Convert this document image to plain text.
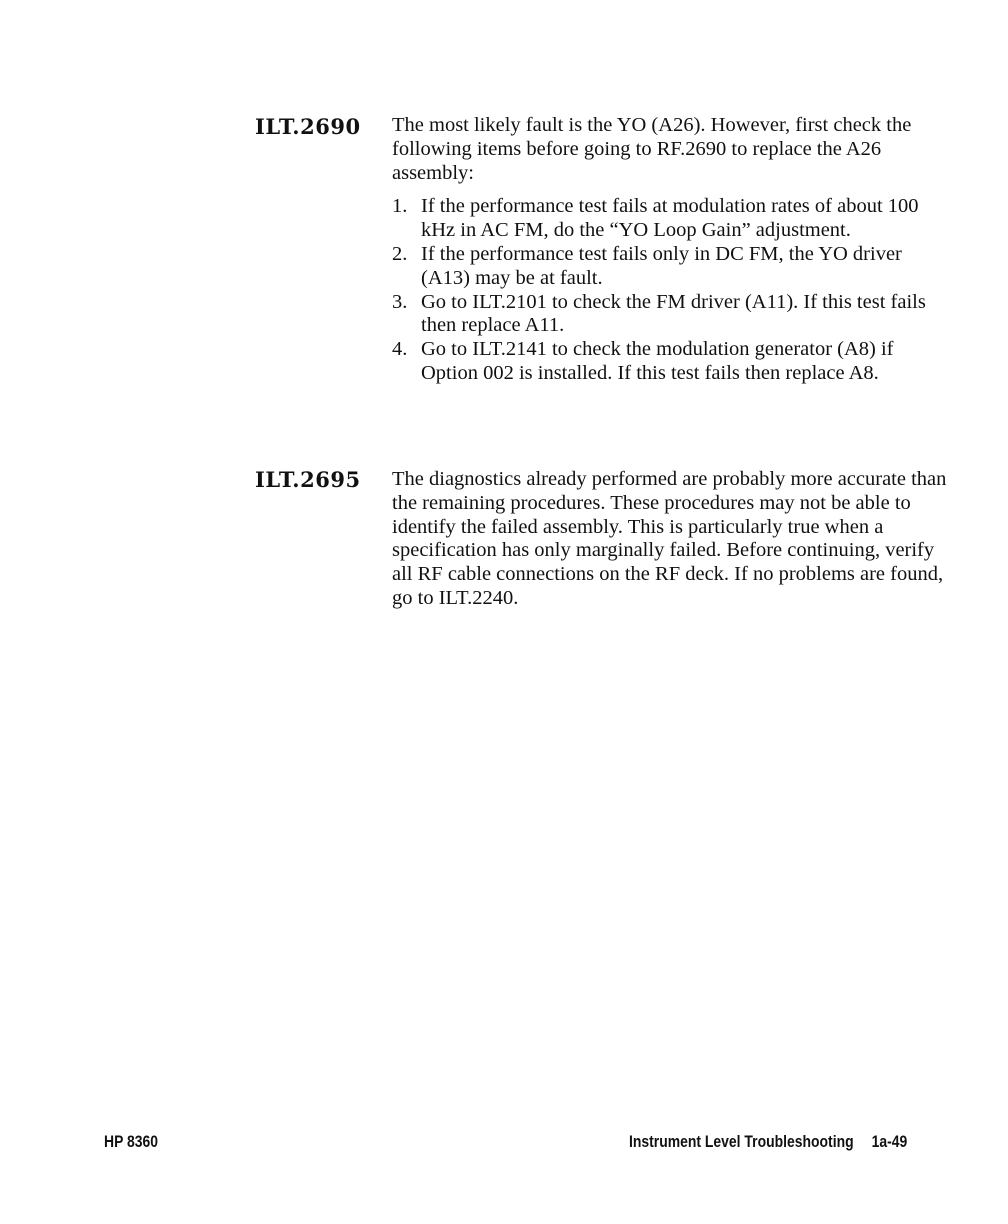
ILT.2690 The most likely fault is the YO (A26). However, first check the following items before going to RF.2690 to replace the A26 assembly:

1. If the performance test fails at modulation rates of about 100 kHz in AC FM, do the “YO Loop Gain” adjustment.
2. If the performance test fails only in DC FM, the YO driver (A13) may be at fault.
3. Go to ILT.2101 to check the FM driver (A11). If this test fails then replace A11.
4. Go to ILT.2141 to check the modulation generator (A8) if Option 002 is installed. If this test fails then replace A8.
ILT.2695 The diagnostics already performed are probably more accurate than the remaining procedures. These procedures may not be able to identify the failed assembly. This is particularly true when a specification has only marginally failed. Before continuing, verify all RF cable connections on the RF deck. If no problems are found, go to ILT.2240.

HP 8360	Instrument Level Troubleshooting 1a-49
